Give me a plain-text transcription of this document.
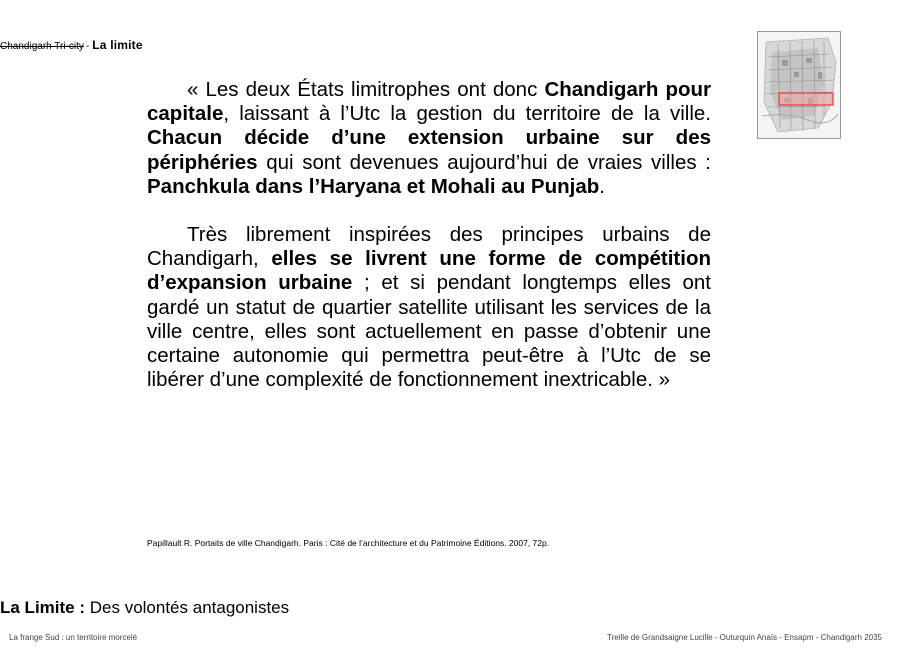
Chandigarh Tri-city - La limite

« Les deux États limitrophes ont donc Chandigarh pour capitale, laissant à l’Utc la gestion du territoire de la ville. Chacun décide d’une extension urbaine sur des périphéries qui sont devenues aujourd’hui de vraies villes : Panchkula dans l’Haryana et Mohali au Punjab.

Très librement inspirées des principes urbains de Chandigarh, elles se livrent une forme de compétition d’expansion urbaine ; et si pendant longtemps elles ont gardé un statut de quartier satellite utilisant les services de la ville centre, elles sont actuellement en passe d’obtenir une certaine autonomie qui permettra peut-être à l’Utc de se libérer d’une complexité de fonctionnement inextricable. »

Papillault R. Portaits de ville Chandigarh. Paris : Cité de l’architecture et du Patrimoine Éditions. 2007, 72p.
La Limite : Des volontés antagonistes
La frange Sud : un territoire morcelé	Treille de Grandsaigne Lucille - Outurquin Anaïs - Ensapm - Chandigarh 2035
